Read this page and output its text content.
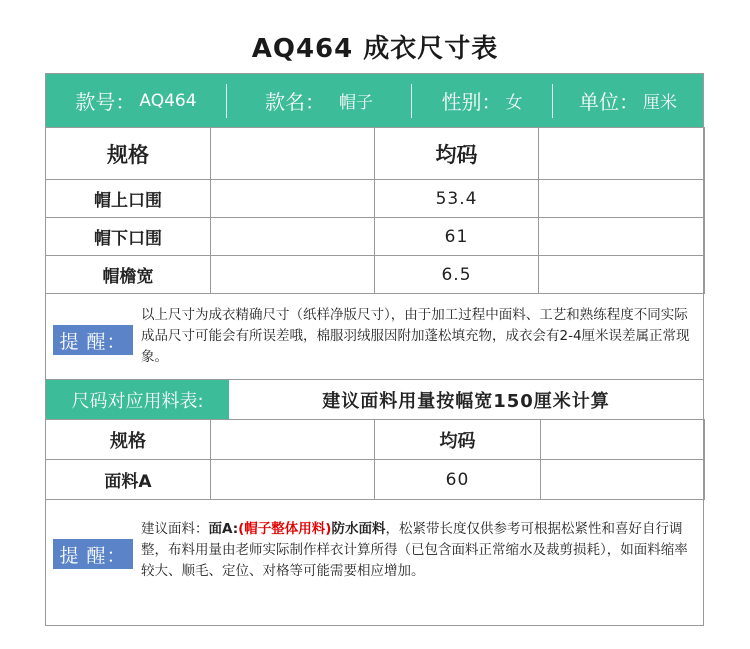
AQ464 成衣尺寸表
款号： AQ464	款名： 帽子	性别： 女	单位： 厘米
规格		均码	
帽上口围		53.4	
帽下口围		61	
帽檐宽		6.5	
提 醒：
以上尺寸为成衣精确尺寸（纸样净版尺寸），由于加工过程中面料、工艺和熟练程度不同实际成品尺寸可能会有所误差哦，棉服羽绒服因附加蓬松填充物，成衣会有2-4厘米误差属正常现象。
尺码对应用料表:	建议面料用量按幅宽150厘米计算
规格		均码	
面料A		60	
提 醒：
建议面料：面A:(帽子整体用料)防水面料，松紧带长度仅供参考可根据松紧性和喜好自行调整，布料用量由老师实际制作样衣计算所得（已包含面料正常缩水及裁剪损耗），如面料缩率较大、顺毛、定位、对格等可能需要相应增加。
